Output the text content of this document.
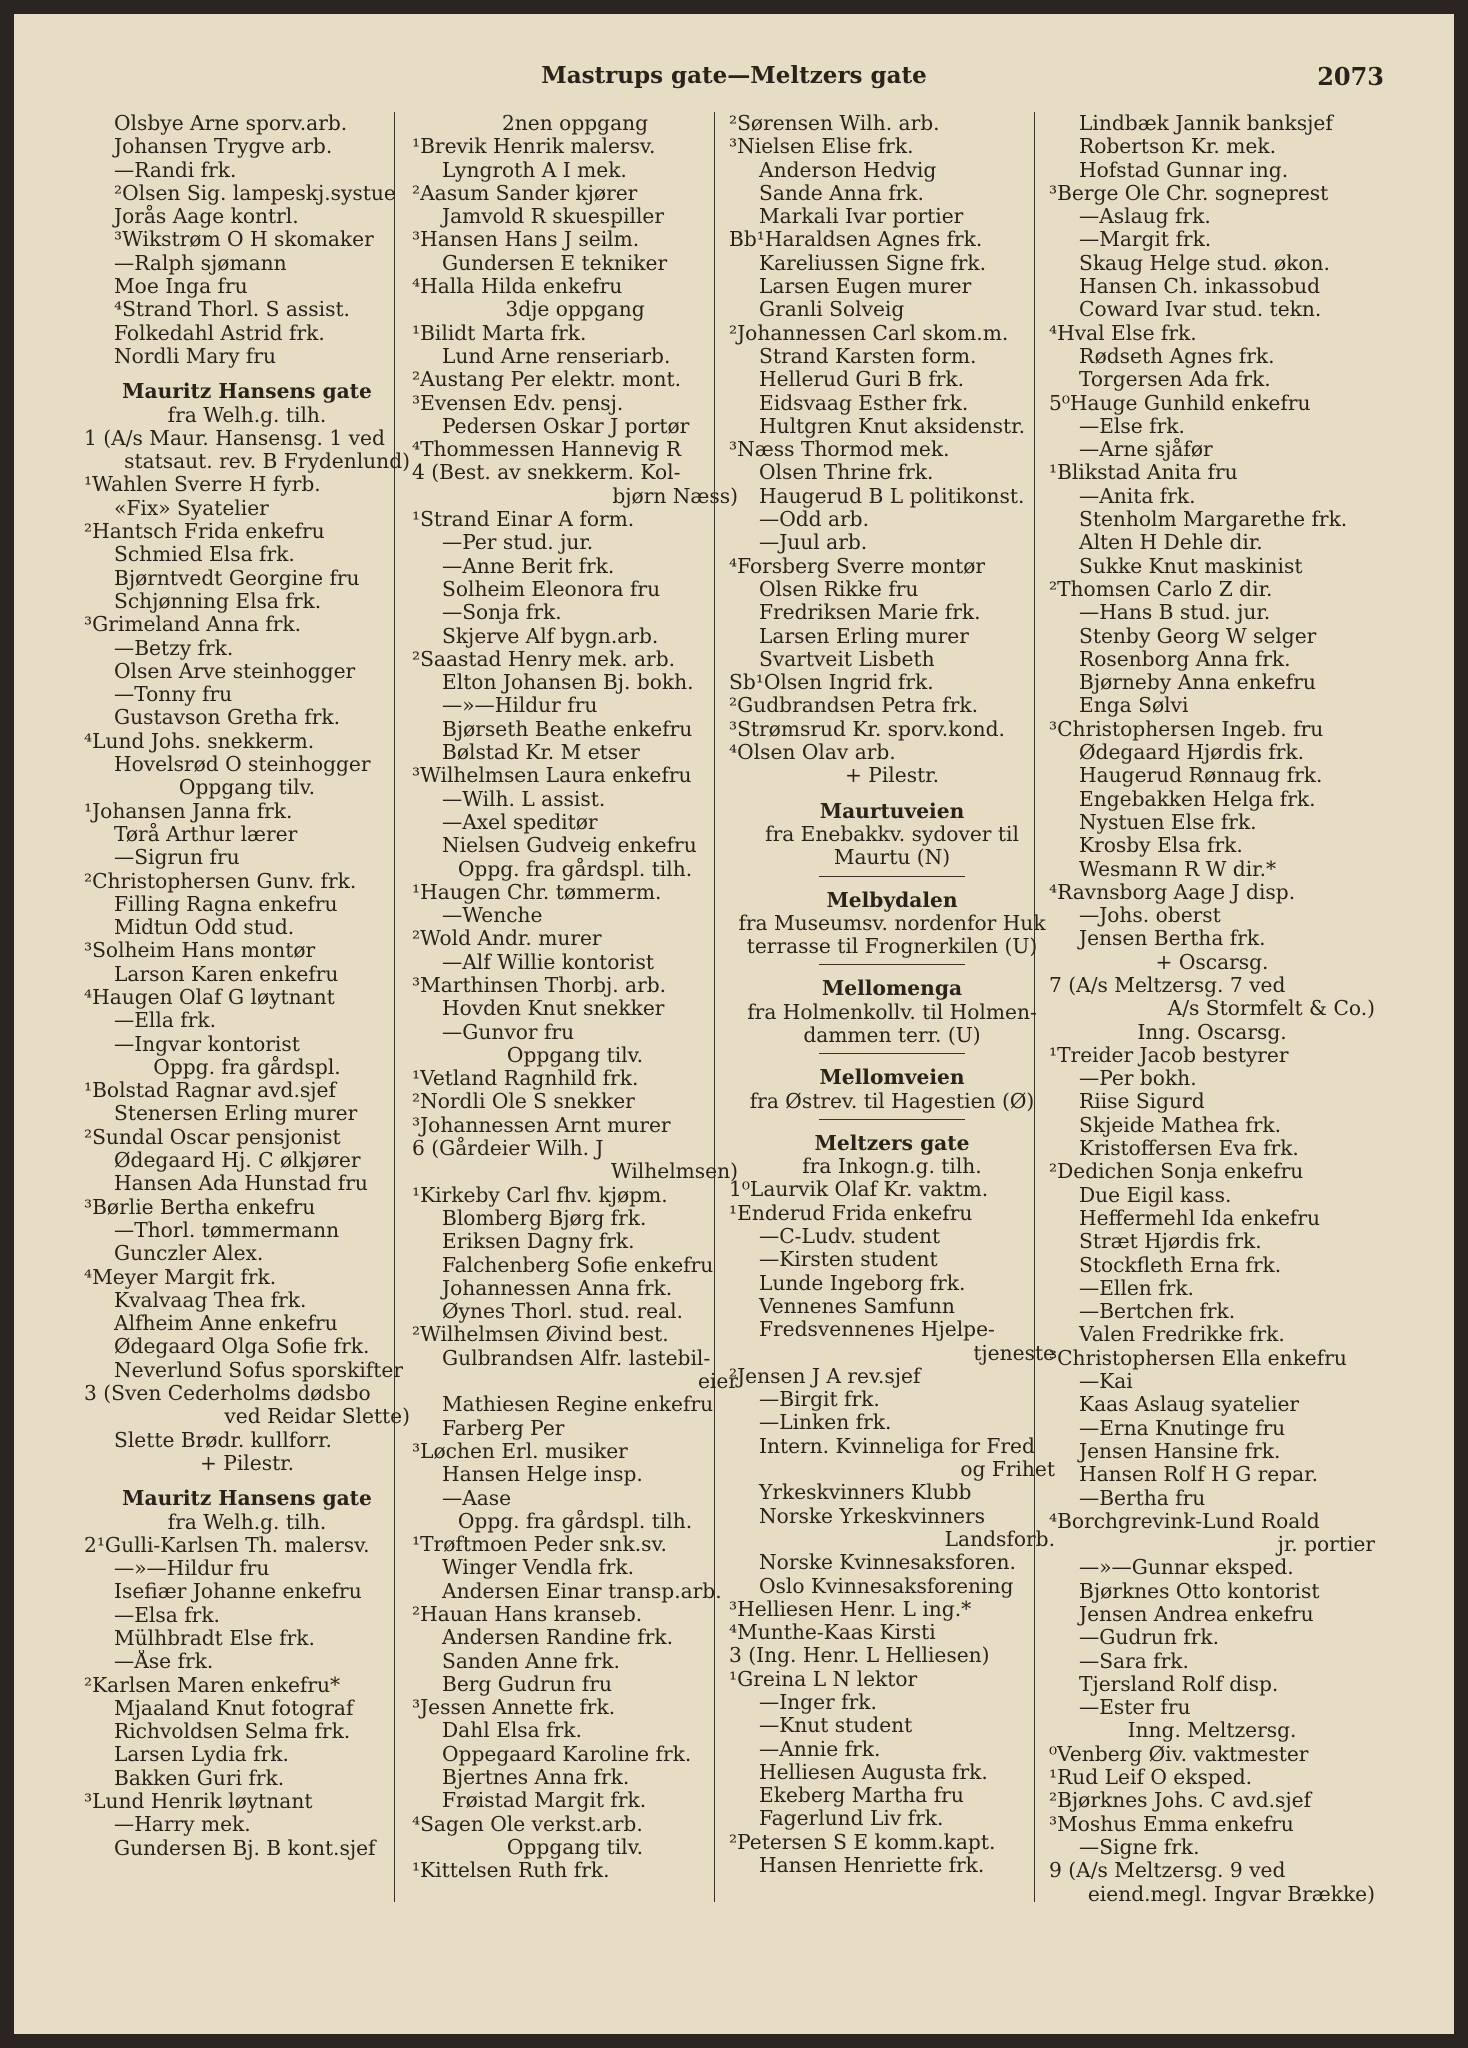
Mastrups gate—Meltzers gate	2073
Olsbye Arne sporv.arb.
Johansen Trygve arb.
—Randi frk.
²Olsen Sig. lampeskj.systue
Jorås Aage kontrl.
³Wikstrøm O H skomaker
—Ralph sjømann
Moe Inga fru
⁴Strand Thorl. S assist.
Folkedahl Astrid frk.
Nordli Mary fru
Mauritz Hansens gate
fra Welh.g. tilh.
1 (A/s Maur. Hansensg. 1 ved
statsaut. rev. B Frydenlund)
¹Wahlen Sverre H fyrb.
«Fix» Syatelier
²Hantsch Frida enkefru
Schmied Elsa frk.
Bjørntvedt Georgine fru
Schjønning Elsa frk.
³Grimeland Anna frk.
—Betzy frk.
Olsen Arve steinhogger
—Tonny fru
Gustavson Gretha frk.
⁴Lund Johs. snekkerm.
Hovelsrød O steinhogger
Oppgang tilv.
¹Johansen Janna frk.
Tørå Arthur lærer
—Sigrun fru
²Christophersen Gunv. frk.
Filling Ragna enkefru
Midtun Odd stud.
³Solheim Hans montør
Larson Karen enkefru
⁴Haugen Olaf G løytnant
—Ella frk.
—Ingvar kontorist
Oppg. fra gårdspl.
¹Bolstad Ragnar avd.sjef
Stenersen Erling murer
²Sundal Oscar pensjonist
Ødegaard Hj. C ølkjører
Hansen Ada Hunstad fru
³Børlie Bertha enkefru
—Thorl. tømmermann
Gunczler Alex.
⁴Meyer Margit frk.
Kvalvaag Thea frk.
Alfheim Anne enkefru
Ødegaard Olga Sofie frk.
Neverlund Sofus sporskifter
3 (Sven Cederholms dødsbo
ved Reidar Slette)
Slette Brødr. kullforr.
+ Pilestr.
Mauritz Hansens gate
fra Welh.g. tilh.
2¹Gulli-Karlsen Th. malersv.
—»—Hildur fru
Isefiær Johanne enkefru
—Elsa frk.
Mülhbradt Else frk.
—Åse frk.
²Karlsen Maren enkefru*
Mjaaland Knut fotograf
Richvoldsen Selma frk.
Larsen Lydia frk.
Bakken Guri frk.
³Lund Henrik løytnant
—Harry mek.
Gundersen Bj. B kont.sjef
2nen oppgang
¹Brevik Henrik malersv.
Lyngroth A I mek.
²Aasum Sander kjører
Jamvold R skuespiller
³Hansen Hans J seilm.
Gundersen E tekniker
⁴Halla Hilda enkefru
3dje oppgang
¹Bilidt Marta frk.
Lund Arne renseriarb.
²Austang Per elektr. mont.
³Evensen Edv. pensj.
Pedersen Oskar J portør
⁴Thommessen Hannevig R
4 (Best. av snekkerm. Kol-
bjørn Næss)
¹Strand Einar A form.
—Per stud. jur.
—Anne Berit frk.
Solheim Eleonora fru
—Sonja frk.
Skjerve Alf bygn.arb.
²Saastad Henry mek. arb.
Elton Johansen Bj. bokh.
—»—Hildur fru
Bjørseth Beathe enkefru
Bølstad Kr. M etser
³Wilhelmsen Laura enkefru
—Wilh. L assist.
—Axel speditør
Nielsen Gudveig enkefru
Oppg. fra gårdspl. tilh.
¹Haugen Chr. tømmerm.
—Wenche
²Wold Andr. murer
—Alf Willie kontorist
³Marthinsen Thorbj. arb.
Hovden Knut snekker
—Gunvor fru
Oppgang tilv.
¹Vetland Ragnhild frk.
²Nordli Ole S snekker
³Johannessen Arnt murer
6 (Gårdeier Wilh. J
Wilhelmsen)
¹Kirkeby Carl fhv. kjøpm.
Blomberg Bjørg frk.
Eriksen Dagny frk.
Falchenberg Sofie enkefru
Johannessen Anna frk.
Øynes Thorl. stud. real.
²Wilhelmsen Øivind best.
Gulbrandsen Alfr. lastebil-
eier
Mathiesen Regine enkefru
Farberg Per
³Løchen Erl. musiker
Hansen Helge insp.
—Aase
Oppg. fra gårdspl. tilh.
¹Trøftmoen Peder snk.sv.
Winger Vendla frk.
Andersen Einar transp.arb.
²Hauan Hans kranseb.
Andersen Randine frk.
Sanden Anne frk.
Berg Gudrun fru
³Jessen Annette frk.
Dahl Elsa frk.
Oppegaard Karoline frk.
Bjertnes Anna frk.
Frøistad Margit frk.
⁴Sagen Ole verkst.arb.
Oppgang tilv.
¹Kittelsen Ruth frk.
²Sørensen Wilh. arb.
³Nielsen Elise frk.
Anderson Hedvig
Sande Anna frk.
Markali Ivar portier
Bb¹Haraldsen Agnes frk.
Kareliussen Signe frk.
Larsen Eugen murer
Granli Solveig
²Johannessen Carl skom.m.
Strand Karsten form.
Hellerud Guri B frk.
Eidsvaag Esther frk.
Hultgren Knut aksidenstr.
³Næss Thormod mek.
Olsen Thrine frk.
Haugerud B L politikonst.
—Odd arb.
—Juul arb.
⁴Forsberg Sverre montør
Olsen Rikke fru
Fredriksen Marie frk.
Larsen Erling murer
Svartveit Lisbeth
Sb¹Olsen Ingrid frk.
²Gudbrandsen Petra frk.
³Strømsrud Kr. sporv.kond.
⁴Olsen Olav arb.
+ Pilestr.
Maurtuveien
fra Enebakkv. sydover til
Maurtu (N)
Melbydalen
fra Museumsv. nordenfor Huk
terrasse til Frognerkilen (U)
Mellomenga
fra Holmenkollv. til Holmen-
dammen terr. (U)
Mellomveien
fra Østrev. til Hagestien (Ø)
Meltzers gate
fra Inkogn.g. tilh.
1⁰Laurvik Olaf Kr. vaktm.
¹Enderud Frida enkefru
—C-Ludv. student
—Kirsten student
Lunde Ingeborg frk.
Vennenes Samfunn
Fredsvennenes Hjelpe-
tjeneste
²Jensen J A rev.sjef
—Birgit frk.
—Linken frk.
Intern. Kvinneliga for Fred
og Frihet
Yrkeskvinners Klubb
Norske Yrkeskvinners
Landsforb.
Norske Kvinnesaksforen.
Oslo Kvinnesaksforening
³Helliesen Henr. L ing.*
⁴Munthe-Kaas Kirsti
3 (Ing. Henr. L Helliesen)
¹Greina L N lektor
—Inger frk.
—Knut student
—Annie frk.
Helliesen Augusta frk.
Ekeberg Martha fru
Fagerlund Liv frk.
²Petersen S E komm.kapt.
Hansen Henriette frk.
Lindbæk Jannik banksjef
Robertson Kr. mek.
Hofstad Gunnar ing.
³Berge Ole Chr. sogneprest
—Aslaug frk.
—Margit frk.
Skaug Helge stud. økon.
Hansen Ch. inkassobud
Coward Ivar stud. tekn.
⁴Hval Else frk.
Rødseth Agnes frk.
Torgersen Ada frk.
5⁰Hauge Gunhild enkefru
—Else frk.
—Arne sjåfør
¹Blikstad Anita fru
—Anita frk.
Stenholm Margarethe frk.
Alten H Dehle dir.
Sukke Knut maskinist
²Thomsen Carlo Z dir.
—Hans B stud. jur.
Stenby Georg W selger
Rosenborg Anna frk.
Bjørneby Anna enkefru
Enga Sølvi
³Christophersen Ingeb. fru
Ødegaard Hjørdis frk.
Haugerud Rønnaug frk.
Engebakken Helga frk.
Nystuen Else frk.
Krosby Elsa frk.
Wesmann R W dir.*
⁴Ravnsborg Aage J disp.
—Johs. oberst
Jensen Bertha frk.
+ Oscarsg.
7 (A/s Meltzersg. 7 ved
A/s Stormfelt & Co.)
Inng. Oscarsg.
¹Treider Jacob bestyrer
—Per bokh.
Riise Sigurd
Skjeide Mathea frk.
Kristoffersen Eva frk.
²Dedichen Sonja enkefru
Due Eigil kass.
Heffermehl Ida enkefru
Stræt Hjørdis frk.
Stockfleth Erna frk.
—Ellen frk.
—Bertchen frk.
Valen Fredrikke frk.
³Christophersen Ella enkefru
—Kai
Kaas Aslaug syatelier
—Erna Knutinge fru
Jensen Hansine frk.
Hansen Rolf H G repar.
—Bertha fru
⁴Borchgrevink-Lund Roald
jr. portier
—»—Gunnar eksped.
Bjørknes Otto kontorist
Jensen Andrea enkefru
—Gudrun frk.
—Sara frk.
Tjersland Rolf disp.
—Ester fru
Inng. Meltzersg.
⁰Venberg Øiv. vaktmester
¹Rud Leif O eksped.
²Bjørknes Johs. C avd.sjef
³Moshus Emma enkefru
—Signe frk.
9 (A/s Meltzersg. 9 ved
eiend.megl. Ingvar Brække)
